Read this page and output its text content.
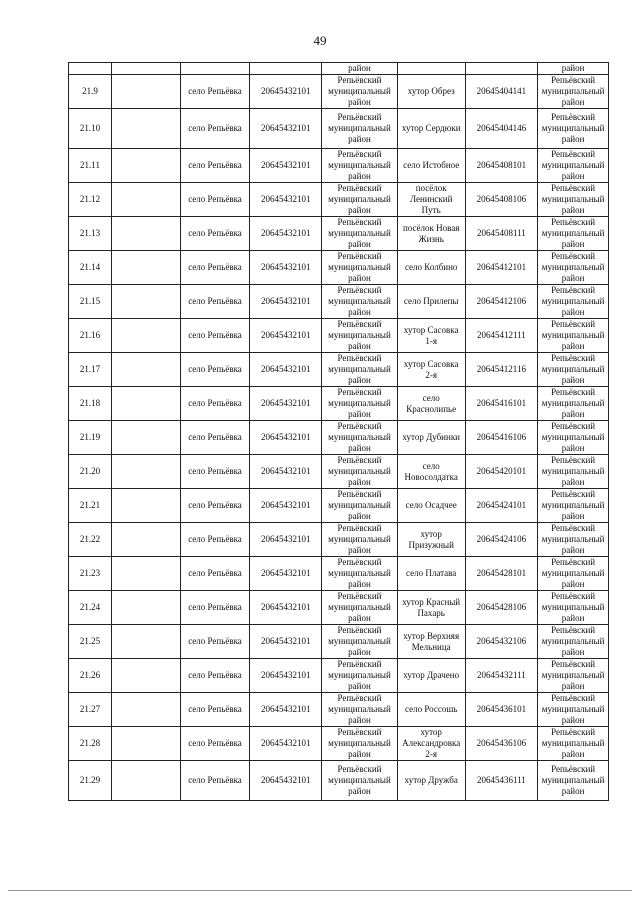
49
				район			район
21.9		село Репьёвка	20645432101	Репьёвский муниципальный район	хутор Обрез	20645404141	Репьёвский муниципальный район
21.10		село Репьёвка	20645432101	Репьёвский муниципальный район	хутор Сердюки	20645404146	Репьёвский муниципальный район
21.11		село Репьёвка	20645432101	Репьёвский муниципальный район	село Истобное	20645408101	Репьёвский муниципальный район
21.12		село Репьёвка	20645432101	Репьёвский муниципальный район	посёлок Ленинский Путь	20645408106	Репьёвский муниципальный район
21.13		село Репьёвка	20645432101	Репьёвский муниципальный район	посёлок Новая Жизнь	20645408111	Репьёвский муниципальный район
21.14		село Репьёвка	20645432101	Репьёвский муниципальный район	село Колбино	20645412101	Репьёвский муниципальный район
21.15		село Репьёвка	20645432101	Репьёвский муниципальный район	село Прилепы	20645412106	Репьёвский муниципальный район
21.16		село Репьёвка	20645432101	Репьёвский муниципальный район	хутор Сасовка 1-я	20645412111	Репьёвский муниципальный район
21.17		село Репьёвка	20645432101	Репьёвский муниципальный район	хутор Сасовка 2-я	20645412116	Репьёвский муниципальный район
21.18		село Репьёвка	20645432101	Репьёвский муниципальный район	село Краснолипье	20645416101	Репьёвский муниципальный район
21.19		село Репьёвка	20645432101	Репьёвский муниципальный район	хутор Дубинки	20645416106	Репьёвский муниципальный район
21.20		село Репьёвка	20645432101	Репьёвский муниципальный район	село Новосолдатка	20645420101	Репьёвский муниципальный район
21.21		село Репьёвка	20645432101	Репьёвский муниципальный район	село Осадчее	20645424101	Репьёвский муниципальный район
21.22		село Репьёвка	20645432101	Репьёвский муниципальный район	хутор Призужный	20645424106	Репьёвский муниципальный район
21.23		село Репьёвка	20645432101	Репьёвский муниципальный район	село Платава	20645428101	Репьёвский муниципальный район
21.24		село Репьёвка	20645432101	Репьёвский муниципальный район	хутор Красный Пахарь	20645428106	Репьёвский муниципальный район
21.25		село Репьёвка	20645432101	Репьёвский муниципальный район	хутор Верхняя Мельница	20645432106	Репьёвский муниципальный район
21.26		село Репьёвка	20645432101	Репьёвский муниципальный район	хутор Драчено	20645432111	Репьёвский муниципальный район
21.27		село Репьёвка	20645432101	Репьёвский муниципальный район	село Россошь	20645436101	Репьёвский муниципальный район
21.28		село Репьёвка	20645432101	Репьёвский муниципальный район	хутор Александровка 2-я	20645436106	Репьёвский муниципальный район
21.29		село Репьёвка	20645432101	Репьёвский муниципальный район	хутор Дружба	20645436111	Репьёвский муниципальный район
